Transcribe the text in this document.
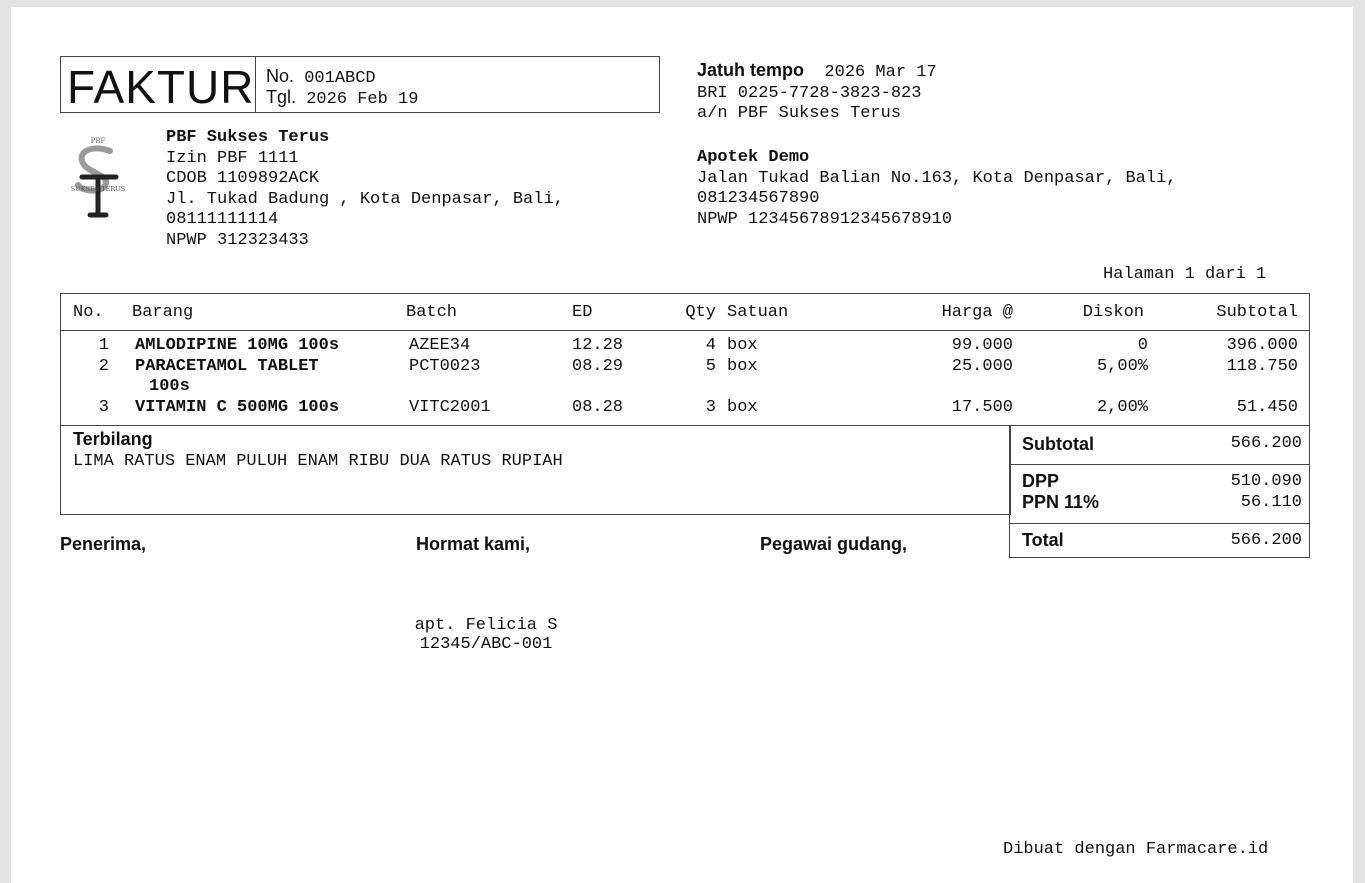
FAKTUR No. 001ABCD
Tgl. 2026 Feb 19
Jatuh tempo 2026 Mar 17
BRI 0225-7728-3823-823
a/n PBF Sukses Terus
PBF
SUKSES TERUS
PBF Sukses Terus
Izin PBF 1111
CDOB 1109892ACK
Jl. Tukad Badung , Kota Denpasar, Bali,
08111111114
NPWP 312323433
Apotek Demo
Jalan Tukad Balian No.163, Kota Denpasar, Bali,
081234567890
NPWP 12345678912345678910
Halaman 1 dari 1
No. Barang	Batch	ED	Qty Satuan	Harga @	Diskon	Subtotal
1 AMLODIPINE 10MG 100s	AZEE34	12.28	4 box	99.000	0	396.000
2 PARACETAMOL TABLET
100s
PCT0023	08.29	5 box	25.000	5,00%	118.750
3 VITAMIN C 500MG 100s	VITC2001	08.28	3 box	17.500	2,00%	51.450
Terbilang
LIMA RATUS ENAM PULUH ENAM RIBU DUA RATUS RUPIAH
Subtotal	566.200
DPP	510.090
PPN 11%	56.110
Total	566.200
Penerima,	Hormat kami,	Pegawai gudang,
apt. Felicia S
12345/ABC-001
Dibuat dengan Farmacare.id
